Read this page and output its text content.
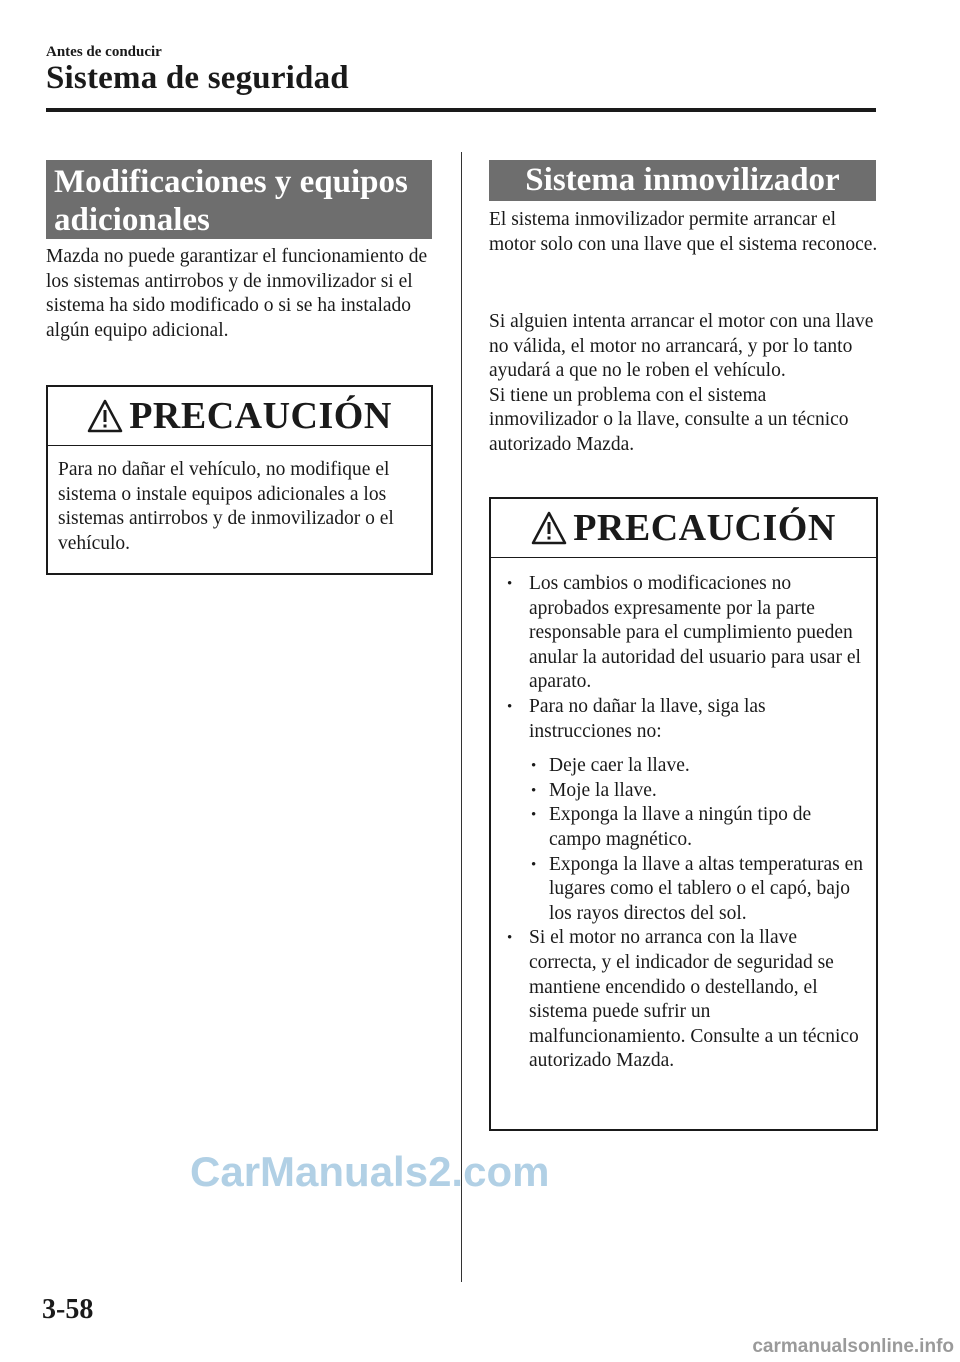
Antes de conducir
Sistema de seguridad
Modificaciones y equipos adicionales
Mazda no puede garantizar el funcionamiento de los sistemas antirrobos y de inmovilizador si el sistema ha sido modificado o si se ha instalado algún equipo adicional.
PRECAUCIÓN
Para no dañar el vehículo, no modifique el sistema o instale equipos adicionales a los sistemas antirrobos y de inmovilizador o el vehículo.
Sistema inmovilizador
El sistema inmovilizador permite arrancar el motor solo con una llave que el sistema reconoce.
Si alguien intenta arrancar el motor con una llave no válida, el motor no arrancará, y por lo tanto ayudará a que no le roben el vehículo.
Si tiene un problema con el sistema inmovilizador o la llave, consulte a un técnico autorizado Mazda.
PRECAUCIÓN
• Los cambios o modificaciones no aprobados expresamente por la parte responsable para el cumplimiento pueden anular la autoridad del usuario para usar el aparato.
• Para no dañar la llave, siga las instrucciones no:
• Deje caer la llave.
• Moje la llave.
• Exponga la llave a ningún tipo de campo magnético.
• Exponga la llave a altas temperaturas en lugares como el tablero o el capó, bajo los rayos directos del sol.
• Si el motor no arranca con la llave correcta, y el indicador de seguridad se mantiene encendido o destellando, el sistema puede sufrir un malfuncionamiento. Consulte a un técnico autorizado Mazda.
CarManuals2.com
3-58
carmanualsonline.info
